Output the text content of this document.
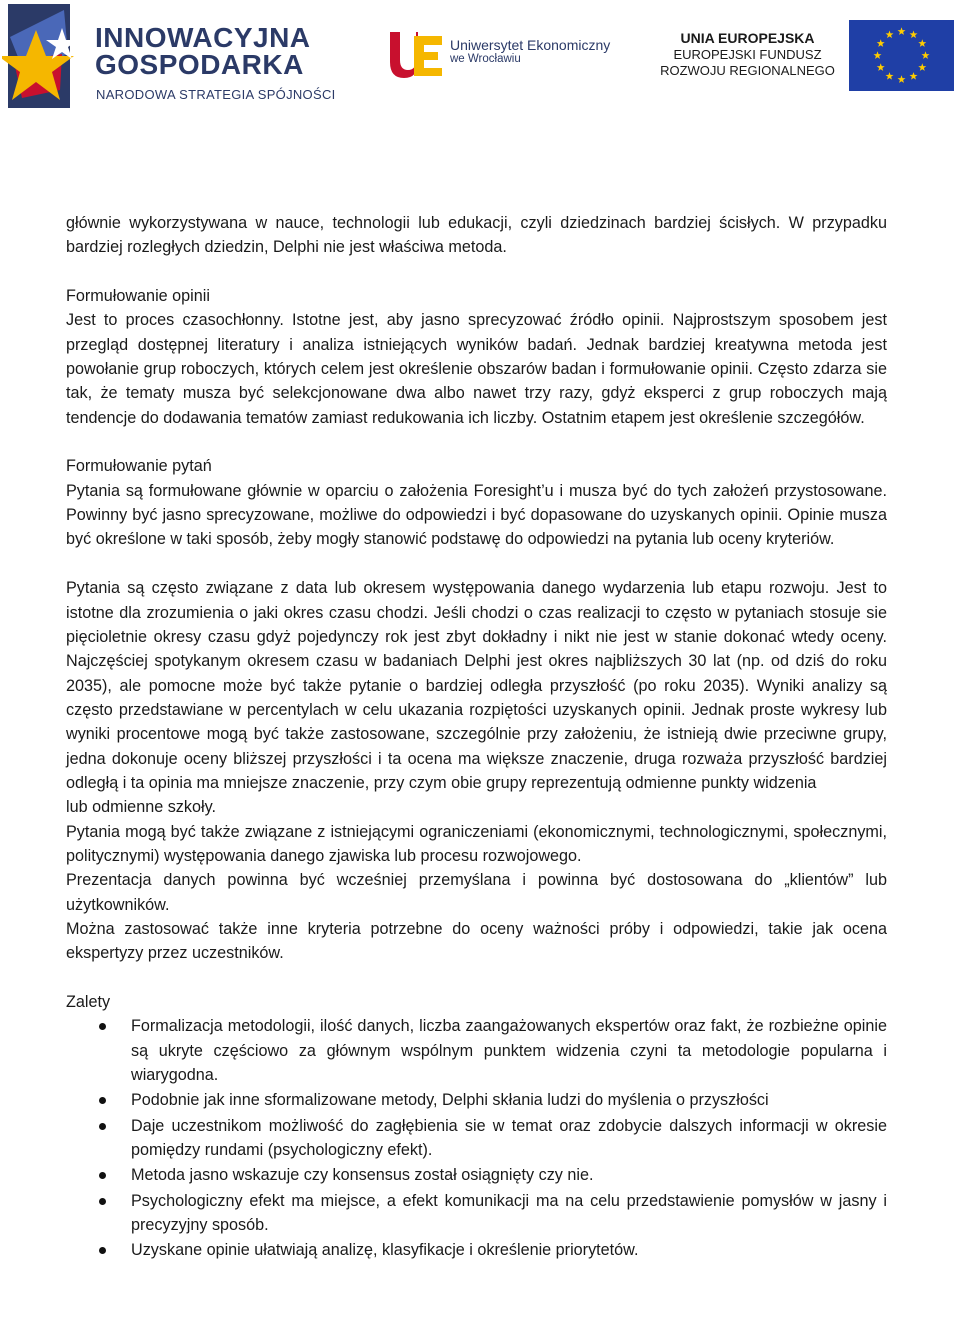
INNOWACYJNA
GOSPODARKA
NARODOWA STRATEGIA SPÓJNOŚCI
Uniwersytet Ekonomiczny
we Wrocławiu
UNIA EUROPEJSKA
EUROPEJSKI FUNDUSZ
ROZWOJU REGIONALNEGO

głównie wykorzystywana w nauce, technologii lub edukacji, czyli dziedzinach bardziej ścisłych. W przypadku bardziej rozległych dziedzin, Delphi nie jest właściwa metoda.

Formułowanie opinii

Jest to proces czasochłonny. Istotne jest, aby jasno sprecyzować źródło opinii. Najprostszym sposobem jest przegląd dostępnej literatury i analiza istniejących wyników badań. Jednak bardziej kreatywna metoda jest powołanie grup roboczych, których celem jest określenie obszarów badan i formułowanie opinii. Często zdarza sie tak, że tematy musza być selekcjonowane dwa albo nawet trzy razy, gdyż eksperci z grup roboczych mają tendencje do dodawania tematów zamiast redukowania ich liczby. Ostatnim etapem jest określenie szczegółów.

Formułowanie pytań

Pytania są formułowane głównie w oparciu o założenia Foresight’u i musza być do tych założeń przystosowane. Powinny być jasno sprecyzowane, możliwe do odpowiedzi i być dopasowane do uzyskanych opinii. Opinie musza być określone w taki sposób, żeby mogły stanowić podstawę do odpowiedzi na pytania lub oceny kryteriów.

Pytania są często związane z data lub okresem występowania danego wydarzenia lub etapu rozwoju. Jest to istotne dla zrozumienia o jaki okres czasu chodzi. Jeśli chodzi o czas realizacji to często w pytaniach stosuje sie pięcioletnie okresy czasu gdyż pojedynczy rok jest zbyt dokładny i nikt nie jest w stanie dokonać wtedy oceny. Najczęściej spotykanym okresem czasu w badaniach Delphi jest okres najbliższych 30 lat (np. od dziś do roku 2035), ale pomocne może być także pytanie o bardziej odległa przyszłość (po roku 2035). Wyniki analizy są często przedstawiane w percentylach w celu ukazania rozpiętości uzyskanych opinii. Jednak proste wykresy lub wyniki procentowe mogą być także zastosowane, szczególnie przy założeniu, że istnieją dwie przeciwne grupy, jedna dokonuje oceny bliższej przyszłości i ta ocena ma większe znaczenie, druga rozważa przyszłość bardziej odległą i ta opinia ma mniejsze znaczenie, przy czym obie grupy reprezentują odmienne punkty widzenia

lub odmienne szkoły.

Pytania mogą być także związane z istniejącymi ograniczeniami (ekonomicznymi, technologicznymi, społecznymi, politycznymi) występowania danego zjawiska lub procesu rozwojowego.

Prezentacja danych powinna być wcześniej przemyślana i powinna być dostosowana do „klientów” lub użytkowników.

Można zastosować także inne kryteria potrzebne do oceny ważności próby i odpowiedzi, takie jak ocena ekspertyzy przez uczestników.

Zalety

Formalizacja metodologii, ilość danych, liczba zaangażowanych ekspertów oraz fakt, że rozbieżne opinie są ukryte częściowo za głównym wspólnym punktem widzenia czyni ta metodologie popularna i wiarygodna.
Podobnie jak inne sformalizowane metody, Delphi skłania ludzi do myślenia o przyszłości
Daje uczestnikom możliwość do zagłębienia sie w temat oraz zdobycie dalszych informacji w okresie pomiędzy rundami (psychologiczny efekt).
Metoda jasno wskazuje czy konsensus został osiągnięty czy nie.
Psychologiczny efekt ma miejsce, a efekt komunikacji ma na celu przedstawienie pomysłów w jasny i precyzyjny sposób.
Uzyskane opinie ułatwiają analizę, klasyfikacje i określenie priorytetów.
